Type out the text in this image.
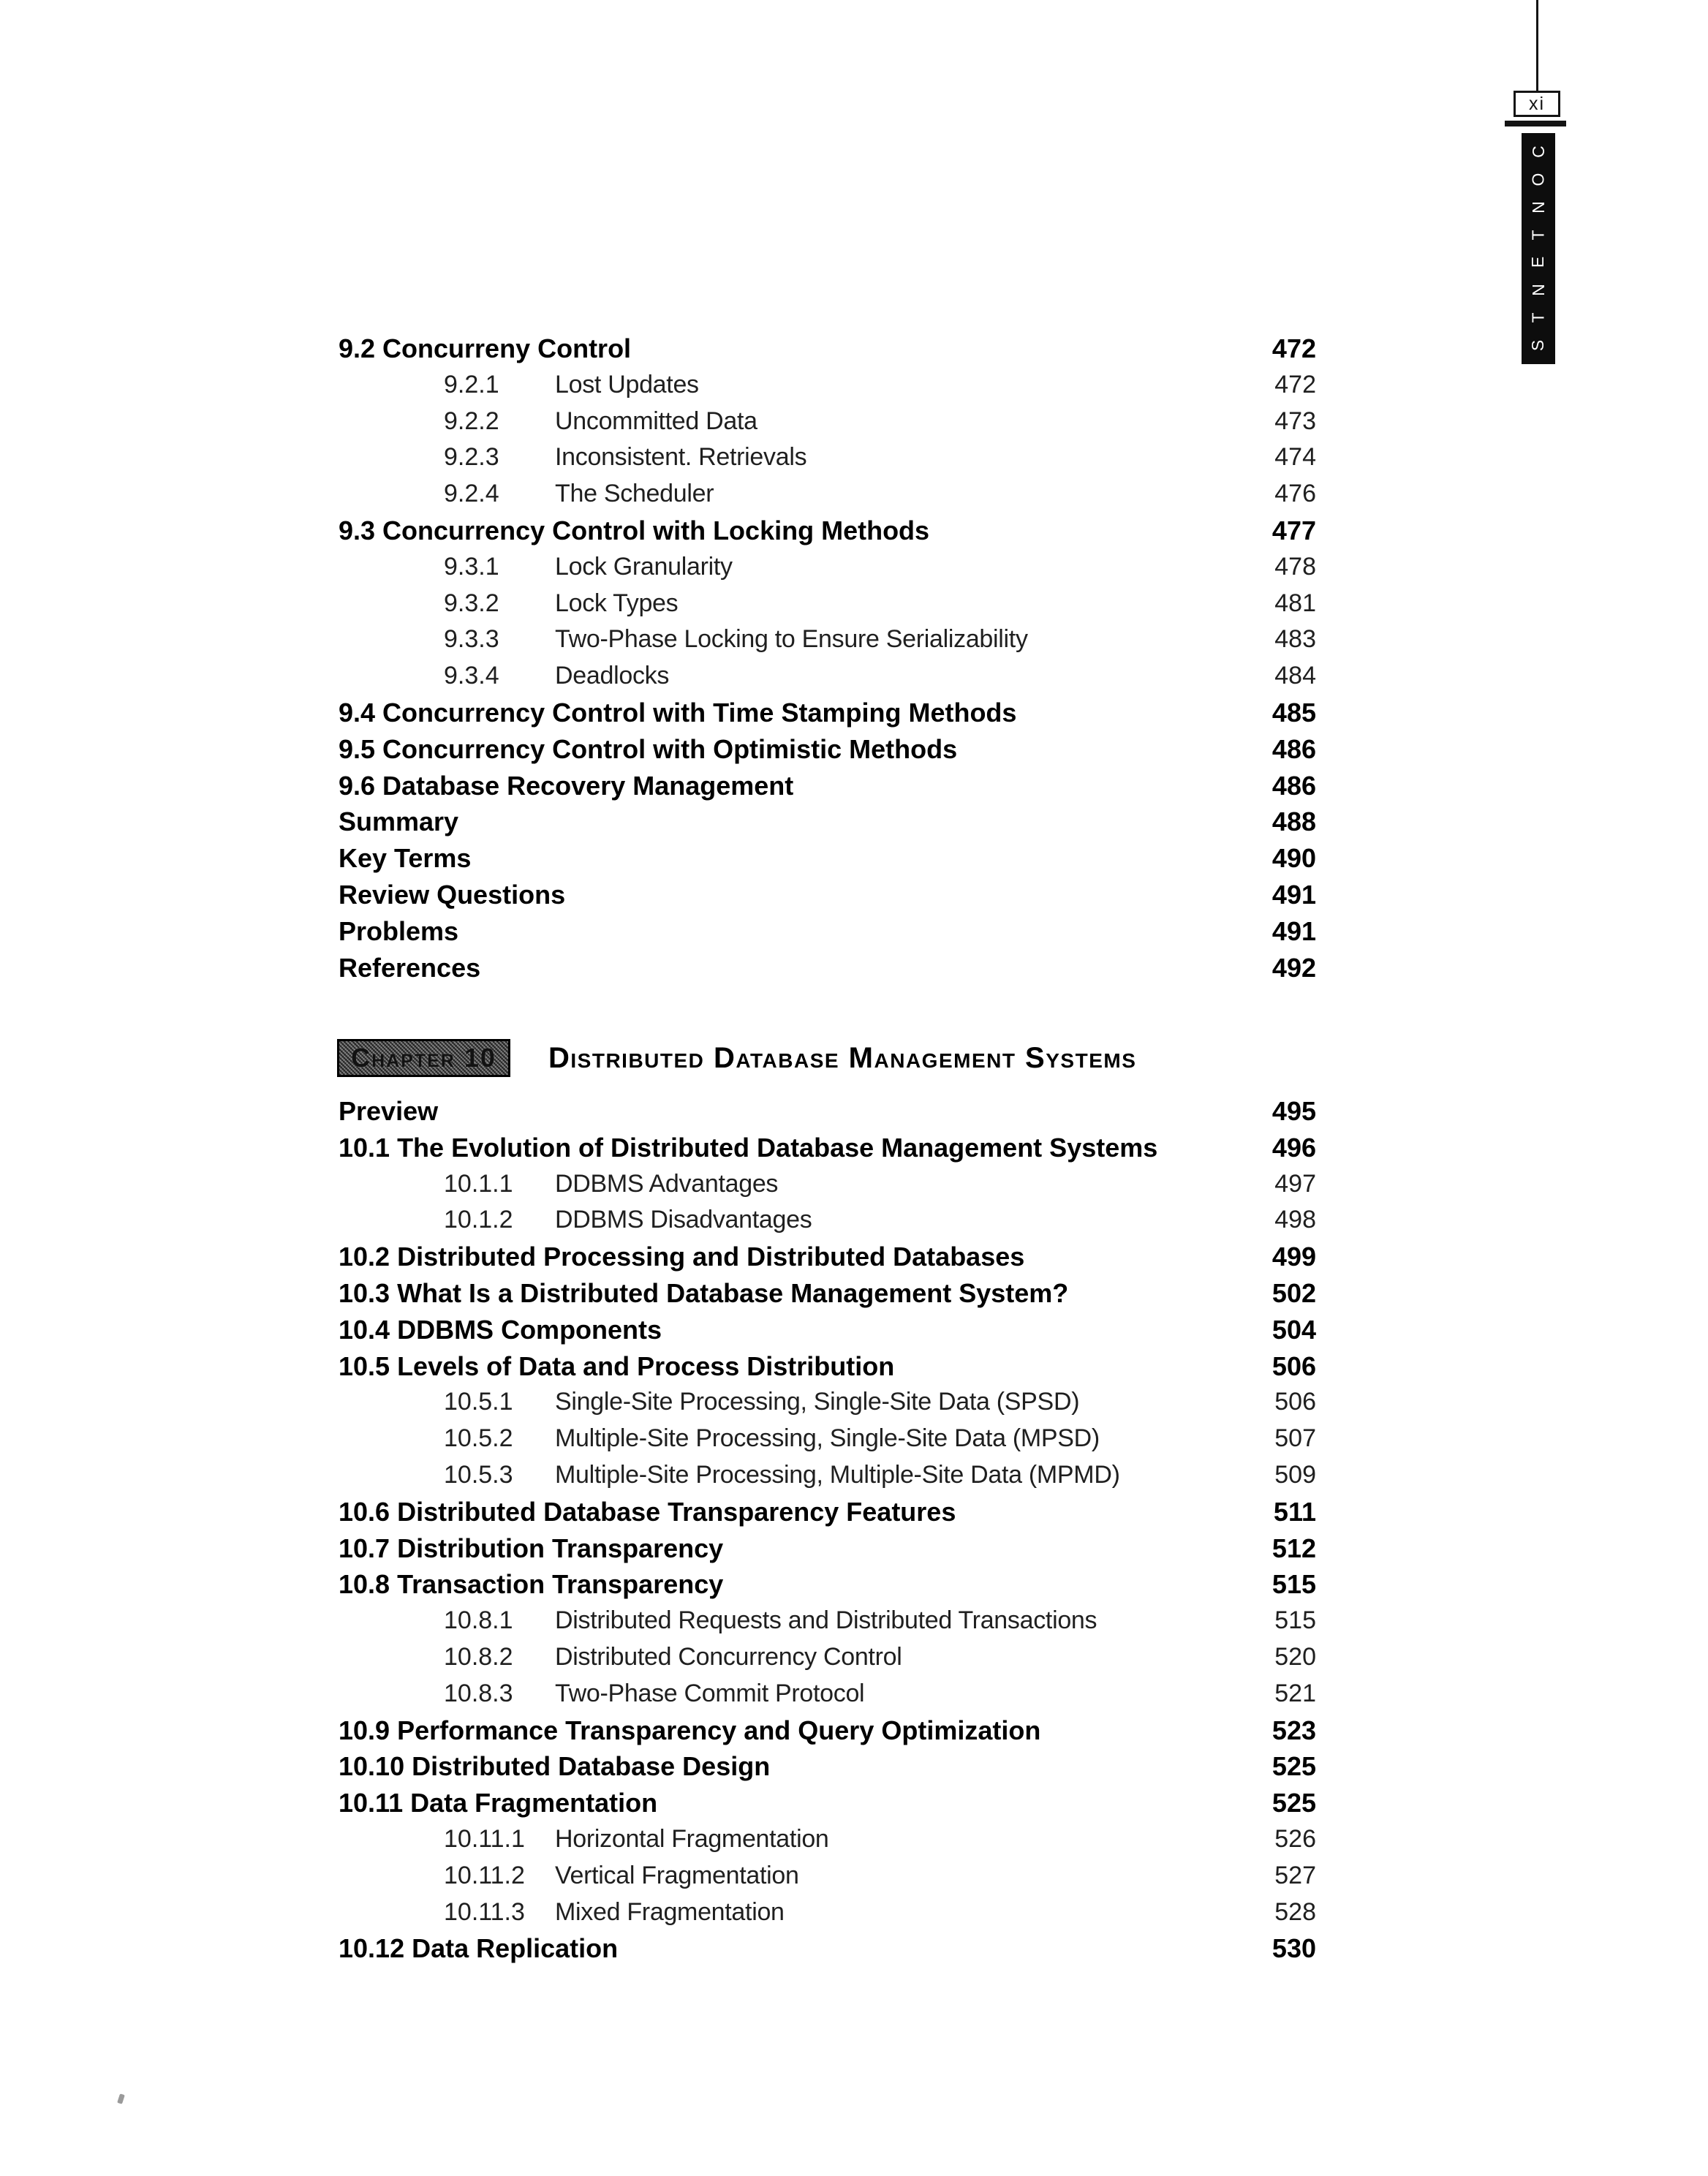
xi
C
O
N
T
E
N
T
S
9.2 Concurreny Control	472
9.2.1	Lost Updates	472
9.2.2	Uncommitted Data	473
9.2.3	Inconsistent. Retrievals	474
9.2.4	The Scheduler	476
9.3 Concurrency Control with Locking Methods	477
9.3.1	Lock Granularity	478
9.3.2	Lock Types	481
9.3.3	Two-Phase Locking to Ensure Serializability	483
9.3.4	Deadlocks	484
9.4 Concurrency Control with Time Stamping Methods	485
9.5 Concurrency Control with Optimistic Methods	486
9.6 Database Recovery Management	486
Summary	488
Key Terms	490
Review Questions	491
Problems	491
References	492
Chapter 10 Distributed Database Management Systems
Preview	495
10.1 The Evolution of Distributed Database Management Systems	496
10.1.1	DDBMS Advantages	497
10.1.2	DDBMS Disadvantages	498
10.2 Distributed Processing and Distributed Databases	499
10.3 What Is a Distributed Database Management System?	502
10.4 DDBMS Components	504
10.5 Levels of Data and Process Distribution	506
10.5.1	Single-Site Processing, Single-Site Data (SPSD)	506
10.5.2	Multiple-Site Processing, Single-Site Data (MPSD)	507
10.5.3	Multiple-Site Processing, Multiple-Site Data (MPMD)	509
10.6 Distributed Database Transparency Features	511
10.7 Distribution Transparency	512
10.8 Transaction Transparency	515
10.8.1	Distributed Requests and Distributed Transactions	515
10.8.2	Distributed Concurrency Control	520
10.8.3	Two-Phase Commit Protocol	521
10.9 Performance Transparency and Query Optimization	523
10.10 Distributed Database Design	525
10.11 Data Fragmentation	525
10.11.1	Horizontal Fragmentation	526
10.11.2	Vertical Fragmentation	527
10.11.3	Mixed Fragmentation	528
10.12 Data Replication	530
